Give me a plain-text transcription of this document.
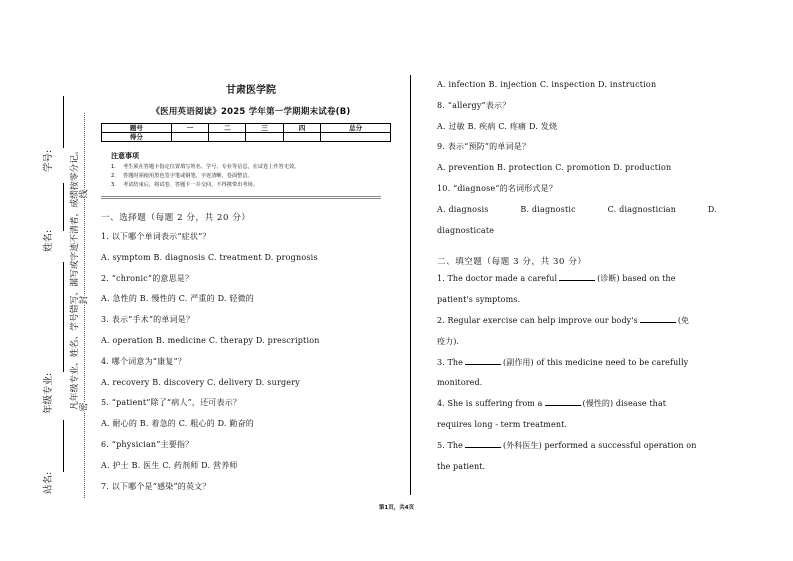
学号:
姓名:
年级专业:
站名:
凡年级专业、姓名、学号错写、漏写或字迹不清者，成绩按零分记。 密
封
线
甘肃医学院
《医用英语阅读》2025 学年第一学期期末试卷(B)
题号	一	二	三	四	总分
得分					
注意事项
1. 考生须在答题卡指定位置填写姓名、学号、专业等信息，在试卷上作答无效。
2. 答题时须使用黑色签字笔或钢笔，字迹清晰，卷面整洁。
3. 考试结束后，将试卷、答题卡一并交回，不得携带出考场。
一、选择题（每题 2 分，共 20 分）
1. 以下哪个单词表示“症状”？
A. symptom B. diagnosis C. treatment D. prognosis
2. “chronic”的意思是？
A. 急性的 B. 慢性的 C. 严重的 D. 轻微的
3. 表示“手术”的单词是？
A. operation B. medicine C. therapy D. prescription
4. 哪个词意为“康复”？
A. recovery B. discovery C. delivery D. surgery
5. “patient”除了“病人”，还可表示？
A. 耐心的 B. 着急的 C. 粗心的 D. 勤奋的
6. “physician”主要指？
A. 护士 B. 医生 C. 药剂师 D. 营养师
7. 以下哪个是“感染”的英文？
A. infection B. injection C. inspection D. instruction
8. “allergy”表示？
A. 过敏 B. 疾病 C. 疼痛 D. 发烧
9. 表示“预防”的单词是？
A. prevention B. protection C. promotion D. production
10. “diagnose”的名词形式是？
A. diagnosis	B. diagnostic	C. diagnostician	D.
diagnosticate
二、填空题（每题 3 分，共 30 分）
1. The doctor made a careful	(诊断) based on the
patient's symptoms.
2. Regular exercise can help improve our body's	(免
疫力).
3. The	(副作用) of this medicine need to be carefully
monitored.
4. She is suffering from a	(慢性的) disease that
requires long - term treatment.
5. The	(外科医生) performed a successful operation on
the patient.
第1页，共4页
